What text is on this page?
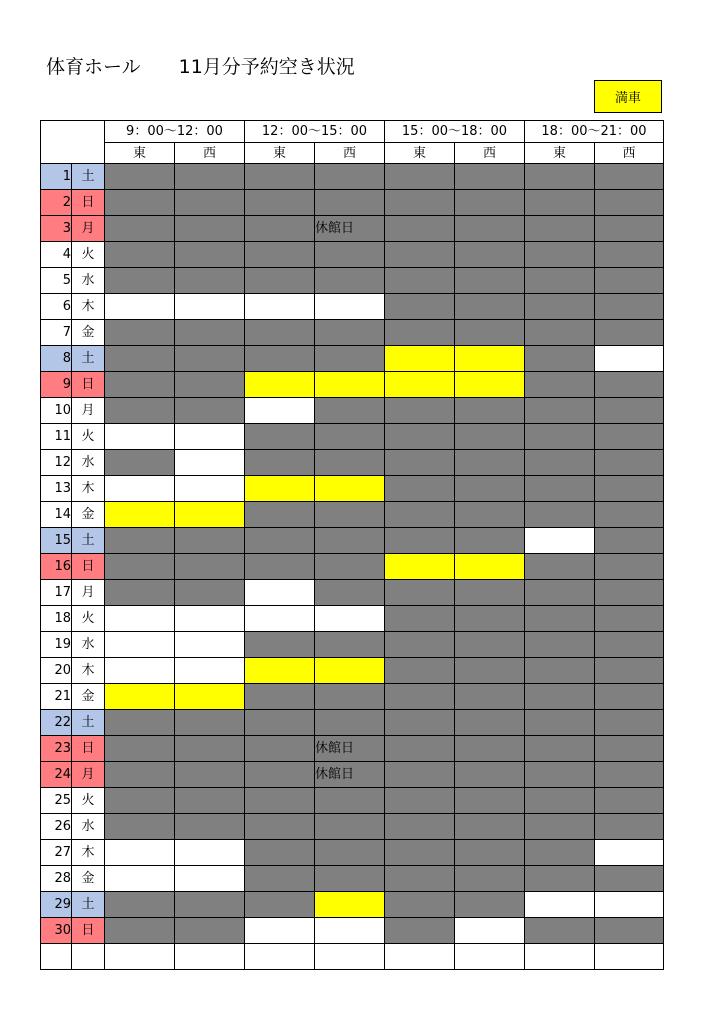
体育ホール　　11月分予約空き状況
満車
		9：00～12：00		12：00～15：00		15：00～18：00		18：00～21：00	
		東	西	東	西	東	西	東	西
1	土								
2	日								
3	月				休館日				
4	火								
5	水								
6	木								
7	金								
8	土								
9	日								
10	月								
11	火								
12	水								
13	木								
14	金								
15	土								
16	日								
17	月								
18	火								
19	水								
20	木								
21	金								
22	土								
23	日				休館日				
24	月				休館日				
25	火								
26	水								
27	木								
28	金								
29	土								
30	日								
